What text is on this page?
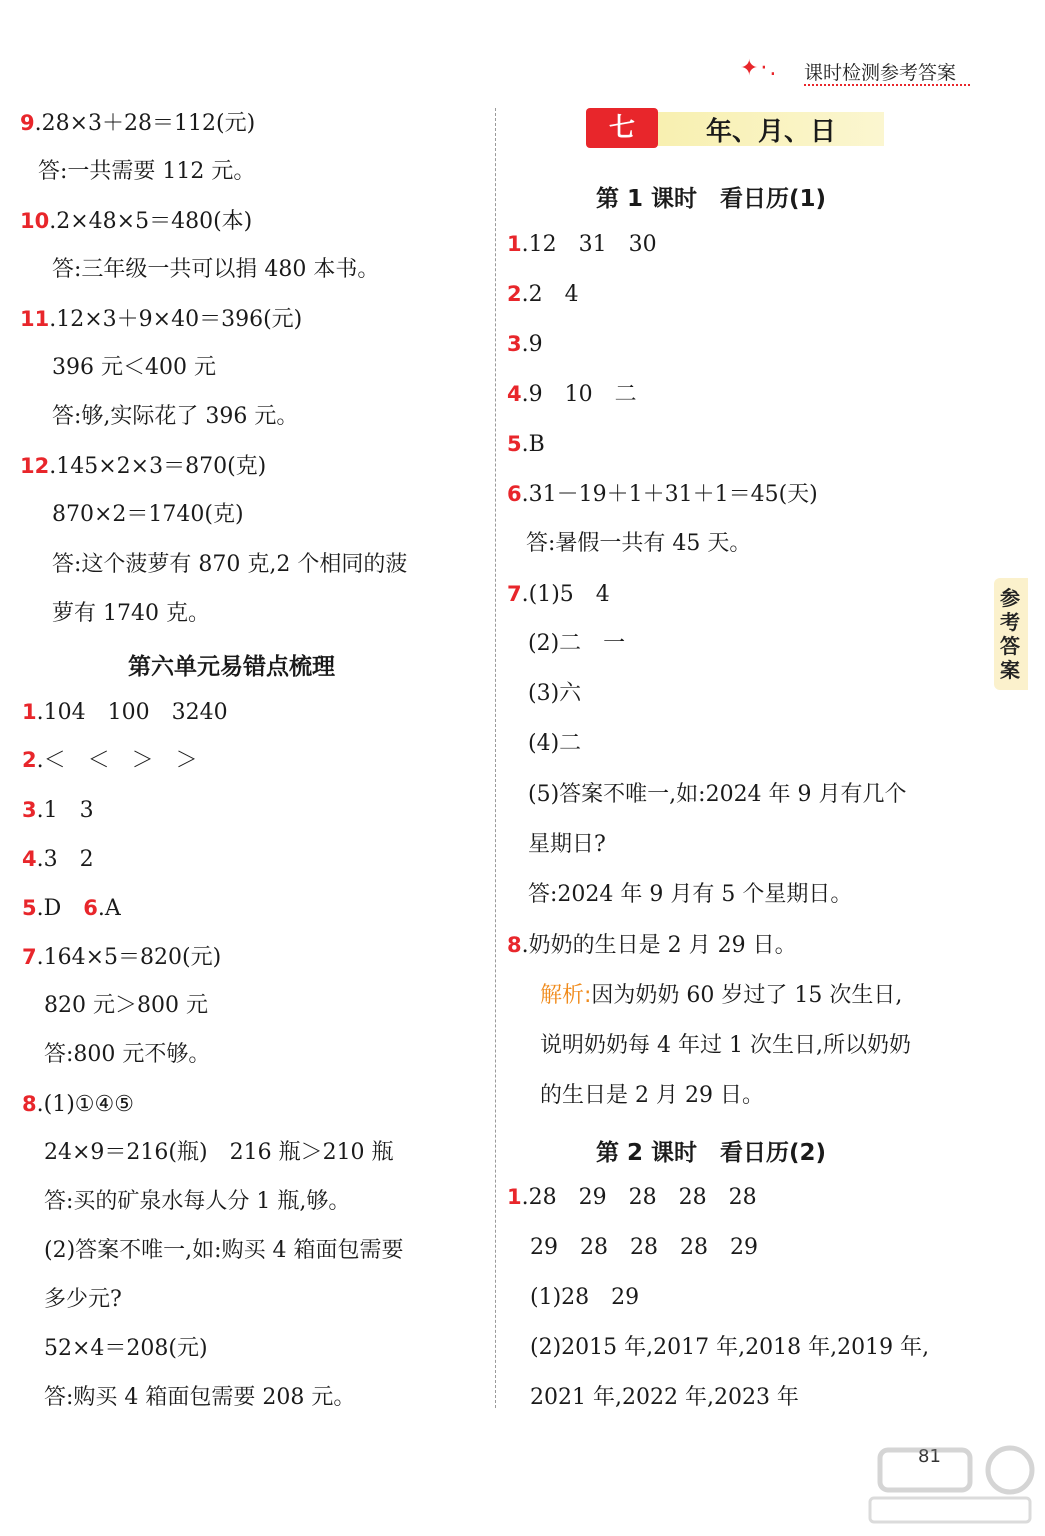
✦·. 课时检测参考答案
9.28×3＋28＝112(元)
答:一共需要 112 元。
10.2×48×5＝480(本)
答:三年级一共可以捐 480 本书。
11.12×3＋9×40＝396(元)
396 元＜400 元
答:够,实际花了 396 元。
12.145×2×3＝870(克)
870×2＝1740(克)
答:这个菠萝有 870 克,2 个相同的菠
萝有 1740 克。
第六单元易错点梳理
1.104　100　3240
2.＜　＜　＞　＞
3.1　3
4.3　2
5.D　6.A
7.164×5＝820(元)
820 元＞800 元
答:800 元不够。
8.(1)①④⑤
24×9＝216(瓶)　216 瓶＞210 瓶
答:买的矿泉水每人分 1 瓶,够。
(2)答案不唯一,如:购买 4 箱面包需要
多少元?
52×4＝208(元)
答:购买 4 箱面包需要 208 元。
七	年、月、日
第 1 课时　看日历(1)
1.12　31　30
2.2　4
3.9
4.9　10　二
5.B
6.31－19＋1＋31＋1＝45(天)
答:暑假一共有 45 天。
7.(1)5　4
(2)二　一
(3)六
(4)二
(5)答案不唯一,如:2024 年 9 月有几个
星期日?
答:2024 年 9 月有 5 个星期日。
8.奶奶的生日是 2 月 29 日。
解析:因为奶奶 60 岁过了 15 次生日,
说明奶奶每 4 年过 1 次生日,所以奶奶
的生日是 2 月 29 日。
第 2 课时　看日历(2)
1.28　29　28　28　28
29　28　28　28　29
(1)28　29
(2)2015 年,2017 年,2018 年,2019 年,
2021 年,2022 年,2023 年
参考答案
81
